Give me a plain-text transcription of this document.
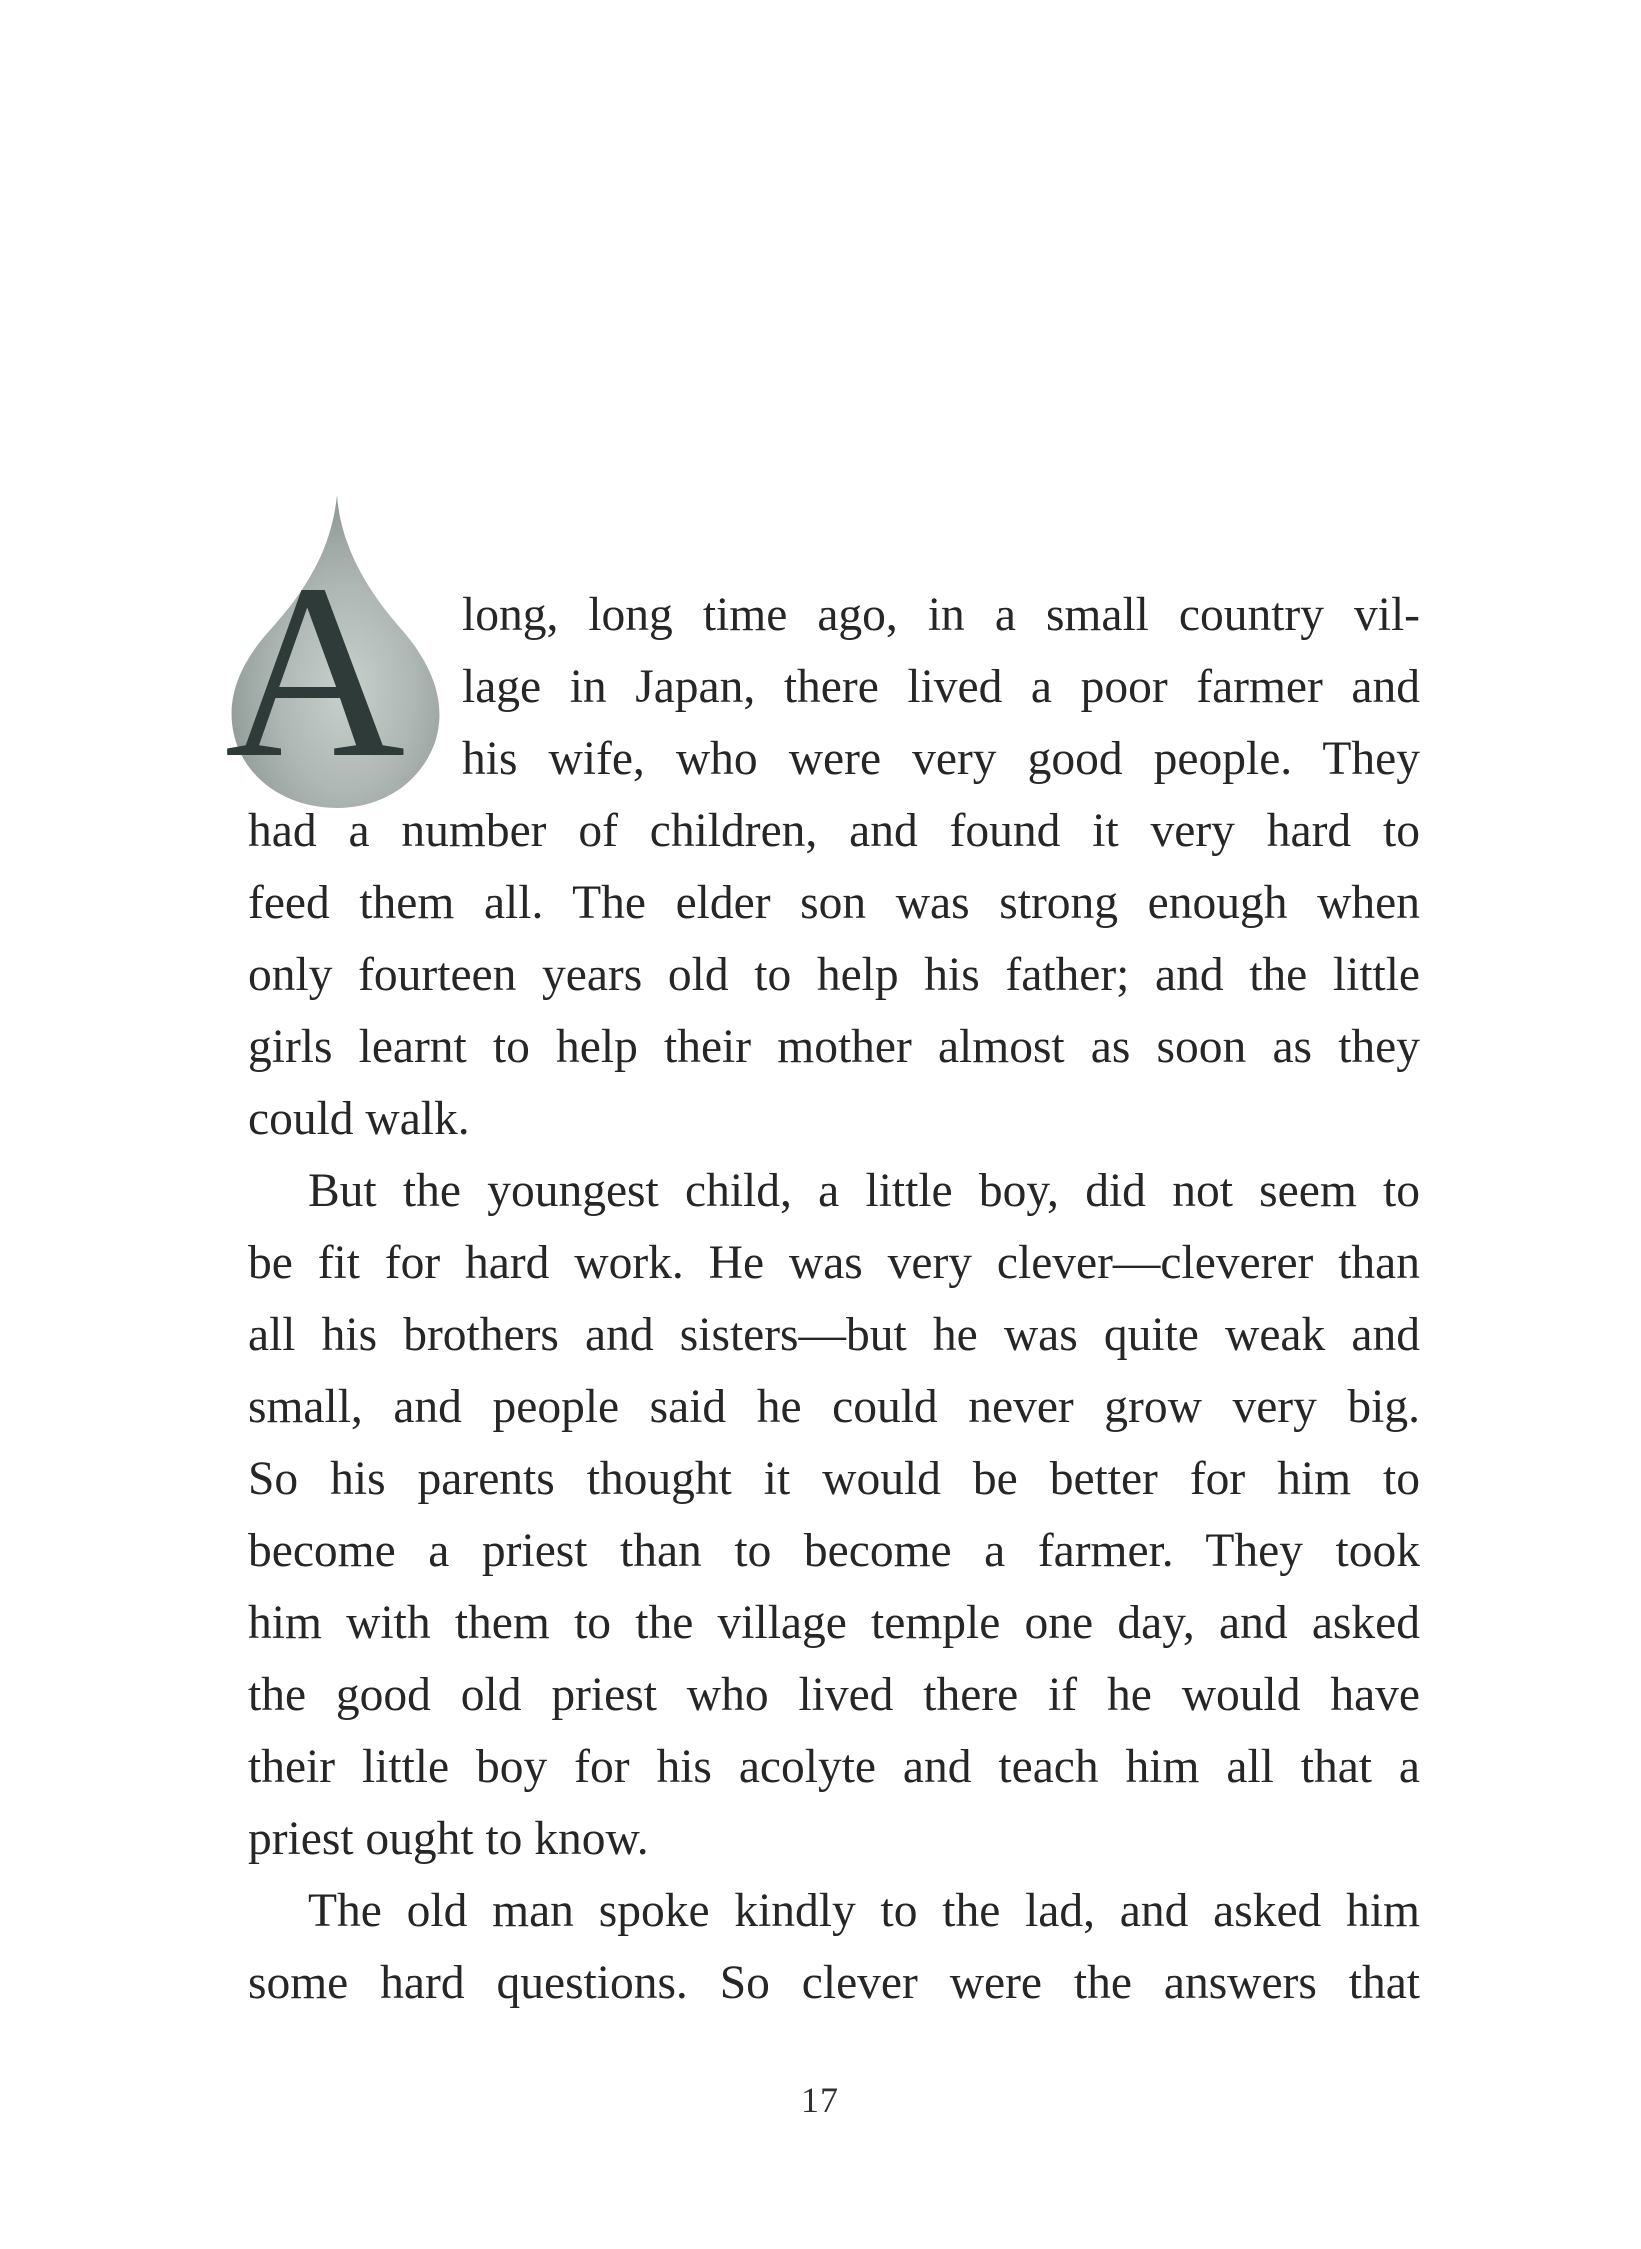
A long, long time ago, in a small country vil-
lage in Japan, there lived a poor farmer and
his wife, who were very good people. They
had a number of children, and found it very hard to
feed them all. The elder son was strong enough when
only fourteen years old to help his father; and the little
girls learnt to help their mother almost as soon as they
could walk.
But the youngest child, a little boy, did not seem to
be fit for hard work. He was very clever—cleverer than
all his brothers and sisters—but he was quite weak and
small, and people said he could never grow very big.
So his parents thought it would be better for him to
become a priest than to become a farmer. They took
him with them to the village temple one day, and asked
the good old priest who lived there if he would have
their little boy for his acolyte and teach him all that a
priest ought to know.
The old man spoke kindly to the lad, and asked him
some hard questions. So clever were the answers that
17
